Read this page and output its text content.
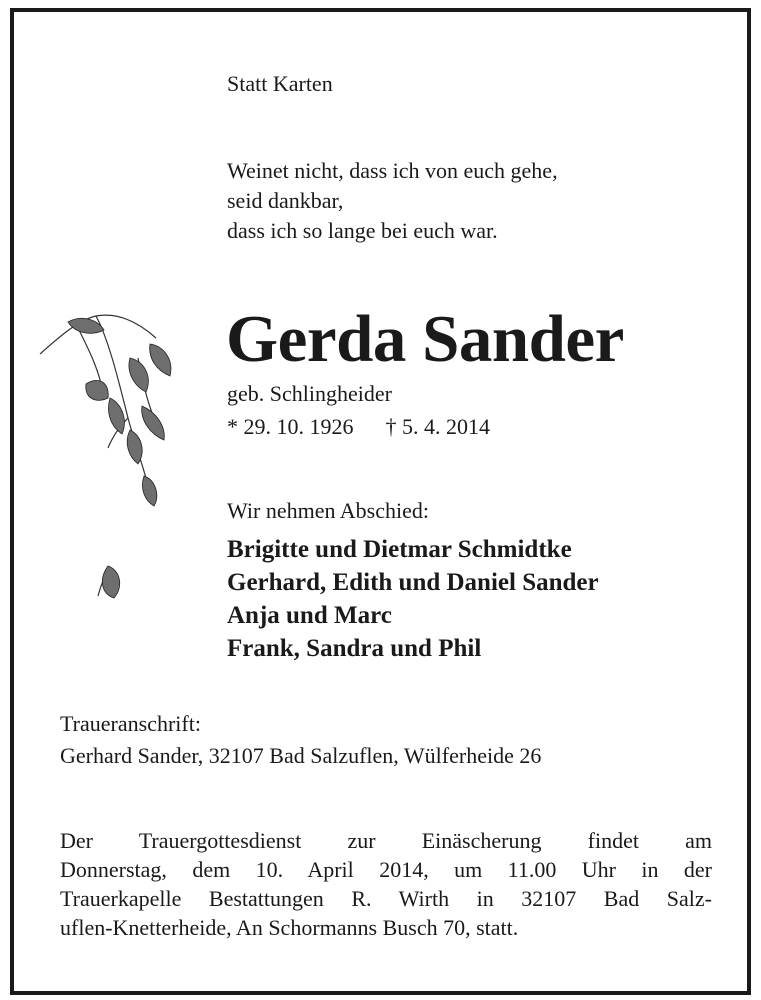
Statt Karten
Weinet nicht, dass ich von euch gehe,
seid dankbar,
dass ich so lange bei euch war.
Gerda Sander
geb. Schlingheider
* 29. 10. 1926 † 5. 4. 2014
Wir nehmen Abschied:
Brigitte und Dietmar Schmidtke
Gerhard, Edith und Daniel Sander
Anja und Marc
Frank, Sandra und Phil
Traueranschrift:
Gerhard Sander, 32107 Bad Salzuflen, Wülferheide 26
Der Trauergottesdienst zur Einäscherung findet am
Donnerstag, dem 10. April 2014, um 11.00 Uhr in der
Trauerkapelle Bestattungen R. Wirth in 32107 Bad Salz-
uflen-Knetterheide, An Schormanns Busch 70, statt.
